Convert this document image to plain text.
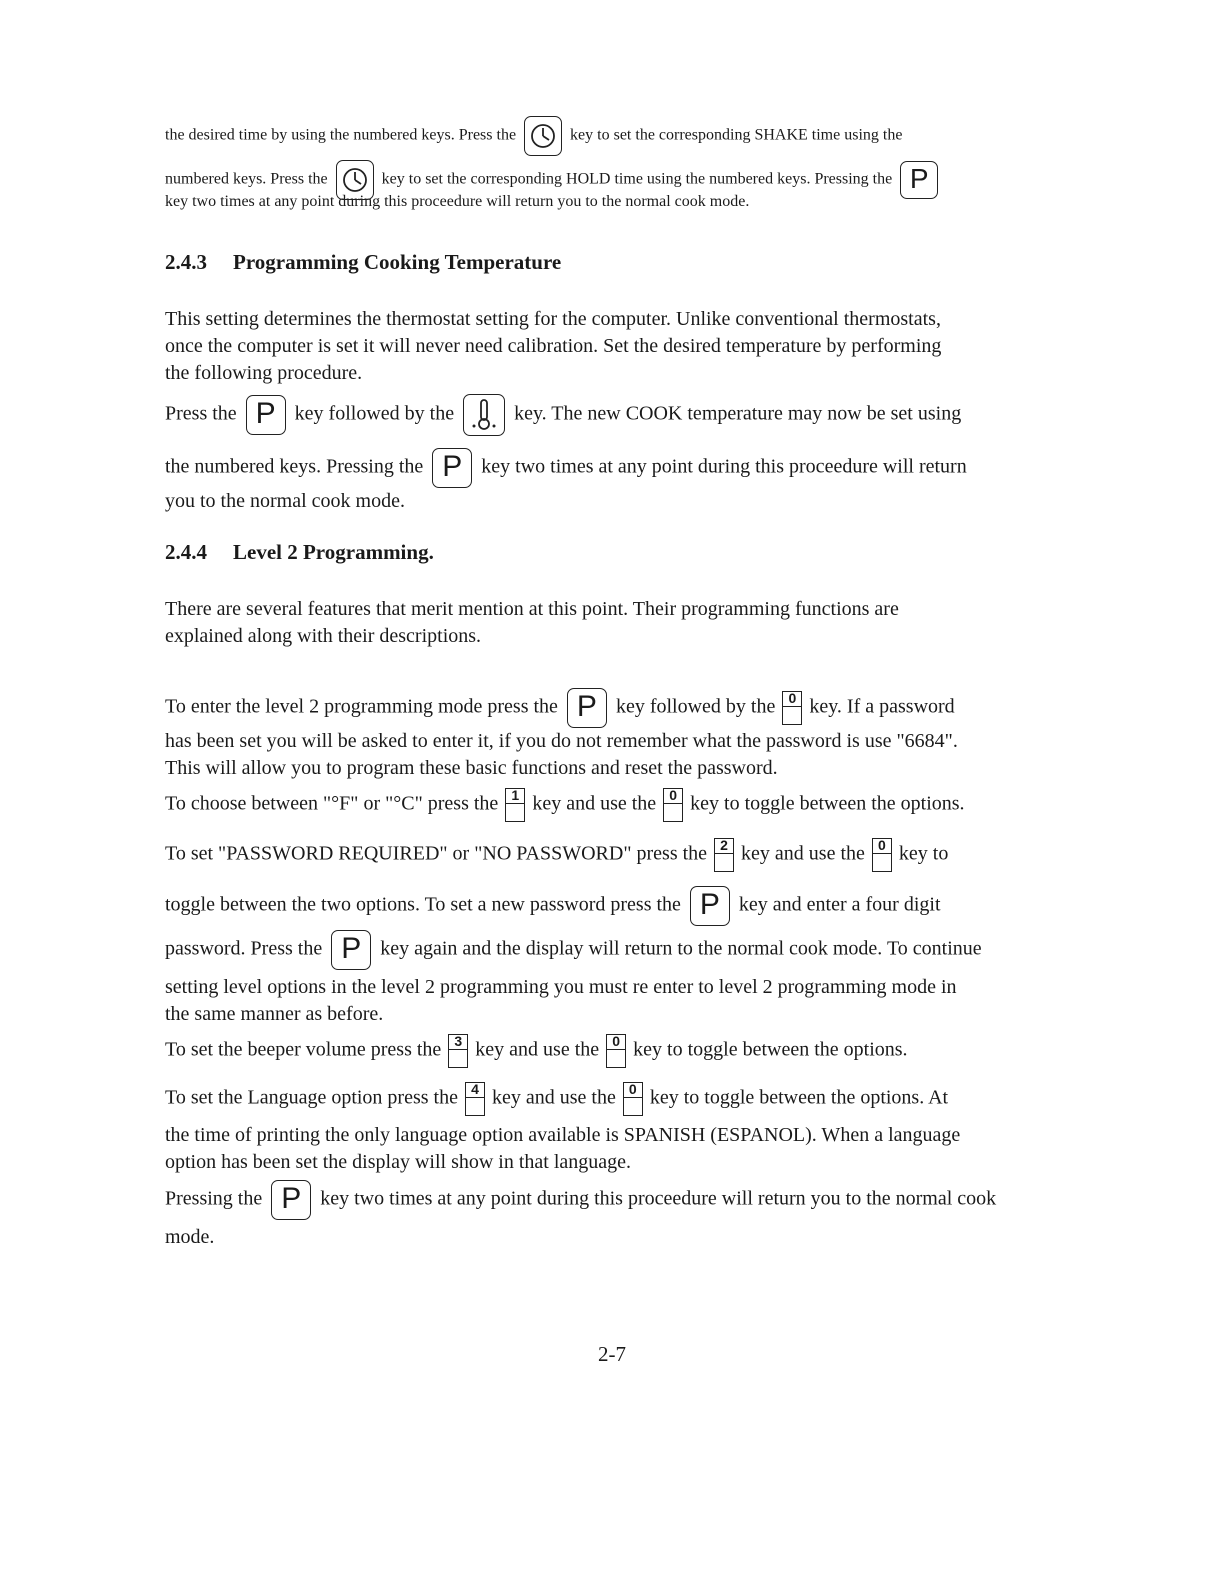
the desired time by using the numbered keys. Press the	key to set the corresponding SHAKE time using the
numbered keys. Press the	key to set the corresponding HOLD time using the numbered keys. Pressing the P
key two times at any point during this proceedure will return you to the normal cook mode.
2.4.3 Programming Cooking Temperature
This setting determines the thermostat setting for the computer. Unlike conventional thermostats,
once the computer is set it will never need calibration. Set the desired temperature by performing
the following procedure.
Press the P key followed by the	key. The new COOK temperature may now be set using
the numbered keys. Pressing the P key two times at any point during this proceedure will return
you to the normal cook mode.
2.4.4 Level 2 Programming.
There are several features that merit mention at this point. Their programming functions are
explained along with their descriptions.
To enter the level 2 programming mode press the P key followed by the 0 key. If a password
has been set you will be asked to enter it, if you do not remember what the password is use "6684".
This will allow you to program these basic functions and reset the password.
To choose between "°F" or "°C" press the 1 key and use the 0 key to toggle between the options.
To set "PASSWORD REQUIRED" or "NO PASSWORD" press the 2 key and use the 0 key to
toggle between the two options. To set a new password press the P key and enter a four digit
password. Press the P key again and the display will return to the normal cook mode. To continue
setting level options in the level 2 programming you must re enter to level 2 programming mode in
the same manner as before.
To set the beeper volume press the 3 key and use the 0 key to toggle between the options.
To set the Language option press the 4 key and use the 0 key to toggle between the options. At
the time of printing the only language option available is SPANISH (ESPANOL). When a language
option has been set the display will show in that language.
Pressing the P key two times at any point during this proceedure will return you to the normal cook
mode.
2-7
